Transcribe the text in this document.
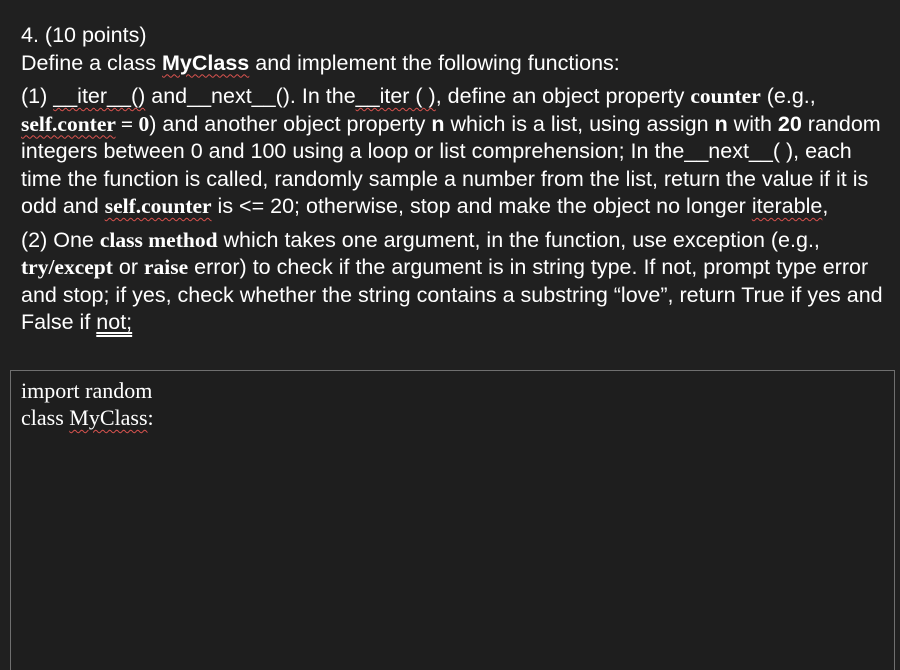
4. (10 points)

Define a class MyClass and implement the following functions:

(1) __iter__() and__next__(). In the__iter ( ), define an object property counter (e.g., self.conter = 0) and another object property n which is a list, using assign n with 20 random integers between 0 and 100 using a loop or list comprehension; In the__next__( ), each time the function is called, randomly sample a number from the list, return the value if it is odd and self.counter is <= 20; otherwise, stop and make the object no longer iterable,

(2) One class method which takes one argument, in the function, use exception (e.g., try/except or raise error) to check if the argument is in string type. If not, prompt type error and stop; if yes, check whether the string contains a substring “love”, return True if yes and False if not;

import random
class MyClass:
